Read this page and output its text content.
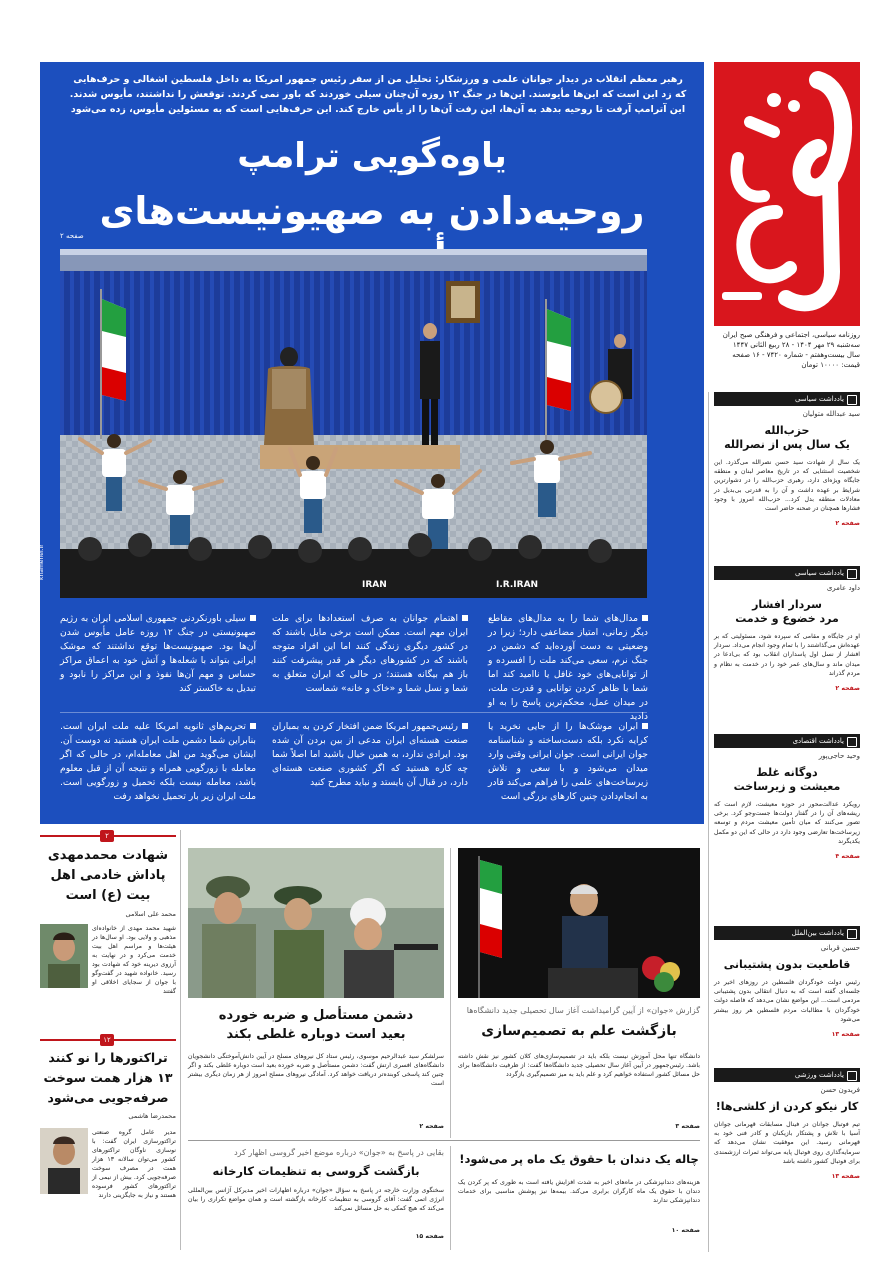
روزنامه سیاسی، اجتماعی و فرهنگی صبح ایران
سه‌شنبه ۲۹ مهر ۱۴۰۴ - ۲۸ ربیع الثانی ۱۴۴۷
سال بیست‌وهفتم - شماره ۷۴۲۰ - ۱۶ صفحه
قیمت: ۱۰۰۰۰ تومان
یادداشت سیاسی
سید عبدالله متولیان
حزب‌الله
یک سال پس از نصرالله
یک سال از شهادت سید حسن نصرالله می‌گذرد. این شخصیت استثنایی که در تاریخ معاصر لبنان و منطقه جایگاه ویژه‌ای دارد، رهبری حزب‌الله را در دشوارترین شرایط بر عهده داشت و آن را به قدرتی بی‌بدیل در معادلات منطقه بدل کرد... حزب‌الله امروز با وجود فشارها همچنان در صحنه حاضر است
صفحه ۲
یادداشت سیاسی
داود عامری
سردار افشار
مرد خضوع و خدمت
او در جایگاه و مقامی که سپرده شود، مسئولیتی که بر عهده‌اش می‌گذاشتند را با تمام وجود انجام می‌داد. سردار افشار از نسل اول پاسداران انقلاب بود که بی‌ادعا در میدان ماند و سال‌های عمر خود را در خدمت به نظام و مردم گذراند
صفحه ۲
یادداشت اقتصادی
وحید حاجی‌پور
دوگانه غلط
معیشت و زیرساخت
رویکرد عدالت‌محور در حوزه معیشت، لازم است که ریشه‌های آن را در گفتار دولت‌ها جست‌وجو کرد. برخی تصور می‌کنند که میان تأمین معیشت مردم و توسعه زیرساخت‌ها تعارضی وجود دارد در حالی که این دو مکمل یکدیگرند
صفحه ۴
یادداشت بین‌الملل
حسین قربانی
قاطعیت بدون پشتیبانی
رئیس دولت خودگردان فلسطین در روزهای اخیر در جلسه‌ای گفته است که به دنبال انتقالی بدون پشتیبانی مردمی است... این مواضع نشان می‌دهد که فاصله دولت خودگردان با مطالبات مردم فلسطین هر روز بیشتر می‌شود
صفحه ۱۳
یادداشت ورزشی
فریدون حسن
کار نیکو کردن از کلشی‌ها!
تیم فوتبال جوانان در فینال مسابقات قهرمانی جوانان آسیا با تلاش و پشتکار بازیکنان و کادر فنی خود به قهرمانی رسید. این موفقیت نشان می‌دهد که سرمایه‌گذاری روی فوتبال پایه می‌تواند ثمرات ارزشمندی برای فوتبال کشور داشته باشد
صفحه ۱۳
رهبر معظم انقلاب در دیدار جوانان علمی و ورزشکار: تحلیل من از سفر رئیس جمهور امریکا به داخل فلسطین اشغالی و حرف‌هایی که زد این است که این‌ها مأیوسند. این‌ها در جنگ ۱۲ روزه آن‌چنان سیلی خوردند که باور نمی کردند. توقعش را نداشتند، مأیوس شدند. این آترامپ آرفت تا روحیه بدهد به آن‌ها، این رفت آن‌ها را از یأس خارج کند. این حرف‌هایی است که به مسئولین مأیوس، زده می‌شود
یاوه‌گویی ترامپ
روحیه‌دادن به صهیونیست‌های
صفحه ۲
IRAN	I.R.IRAN
khamenei.ir
مدال‌های شما را به مدال‌های مقاطع دیگر زمانی، امتیاز مضاعفی دارد؛ زیرا در وضعیتی به دست آورده‌اید که دشمن در جنگ نرم، سعی می‌کند ملت را افسرده و از توانایی‌های خود غافل یا ناامید کند اما شما با ظاهر کردن توانایی و قدرت ملت، در میدان عمل، محکم‌ترین پاسخ را به او دادید
اهتمام جوانان به صرف استعدادها برای ملت ایران مهم است. ممکن است برخی مایل باشند که در کشور دیگری زندگی کنند اما این افراد متوجه باشند که در کشورهای دیگر هر قدر پیشرفت کنند باز هم بیگانه هستند؛ در حالی که ایران متعلق به شما و نسل شما و «خاک و خانه» شماست
سیلی باورنکردنی جمهوری اسلامی ایران به رژیم صهیونیستی در جنگ ۱۲ روزه عامل مأیوس شدن آن‌ها بود. صهیونیست‌ها توقع نداشتند که موشک ایرانی بتواند با شعله‌ها و آتش خود به اعماق مراکز حساس و مهم آن‌ها نفوذ و این مراکز را نابود و تبدیل به خاکستر کند
ایران موشک‌ها را از جایی نخرید یا کرایه نکرد بلکه دست‌ساخته و شناسنامه جوان ایرانی است. جوان ایرانی وقتی وارد میدان می‌شود و با سعی و تلاش زیرساخت‌های علمی را فراهم می‌کند قادر به انجام‌دادن چنین کارهای بزرگی است
رئیس‌جمهور امریکا ضمن افتخار کردن به بمباران صنعت هسته‌ای ایران مدعی از بین بردن آن شده بود. ایرادی ندارد، به همین خیال باشید اما اصلاً شما چه کاره هستید که اگر کشوری صنعت هسته‌ای دارد، در قبال آن بایستد و نباید مطرح کنید
تحریم‌های ثانویه امریکا علیه ملت ایران است. بنابراین شما دشمن ملت ایران هستید نه دوست آن. ایشان می‌گوید من اهل معامله‌ام، در حالی که اگر معامله با زورگویی همراه و نتیجه آن از قبل معلوم باشد، معامله نیست بلکه تحمیل و زورگویی است. ملت ایران زیر بار تحمیل نخواهد رفت
۲
شهادت محمدمهدی پاداش خادمی اهل بیت (ع) است
محمد علی اسلامی
شهید محمد مهدی از خانواده‌ای مذهبی و ولایی بود. او سال‌ها در هیئت‌ها و مراسم اهل بیت خدمت می‌کرد و در نهایت به آرزوی دیرینه خود که شهادت بود رسید. خانواده شهید در گفت‌وگو با جوان از سجایای اخلاقی او گفتند
۱۲
تراکتورها را نو کنند ۱۳ هزار همت سوخت صرفه‌جویی می‌شود
محمدرضا هاشمی
مدیر عامل گروه صنعتی تراکتورسازی ایران گفت: با نوسازی ناوگان تراکتورهای کشور می‌توان سالانه ۱۳ هزار همت در مصرف سوخت صرفه‌جویی کرد. بیش از نیمی از تراکتورهای کشور فرسوده هستند و نیاز به جایگزینی دارند
دشمن مستأصل و ضربه خورده
بعید است دوباره غلطی بکند
سرلشکر سید عبدالرحیم موسوی، رئیس ستاد کل نیروهای مسلح در آیین دانش‌آموختگی دانشجویان دانشگاه‌های افسری ارتش گفت: دشمن مستأصل و ضربه خورده بعید است دوباره غلطی بکند و اگر چنین کند پاسخی کوبنده‌تر دریافت خواهد کرد. آمادگی نیروهای مسلح امروز از هر زمان دیگری بیشتر است
صفحه ۲
گزارش «جوان» از آیین گرامیداشت آغاز سال تحصیلی جدید دانشگاه‌ها
بازگشت علم به تصمیم‌سازی
دانشگاه تنها محل آموزش نیست بلکه باید در تصمیم‌سازی‌های کلان کشور نیز نقش داشته باشد. رئیس‌جمهور در آیین آغاز سال تحصیلی جدید دانشگاه‌ها گفت: از ظرفیت دانشگاه‌ها برای حل مسائل کشور استفاده خواهیم کرد و علم باید به میز تصمیم‌گیری بازگردد
صفحه ۳
چاله یک دندان با حقوق یک ماه پر می‌شود!
هزینه‌های دندانپزشکی در ماه‌های اخیر به شدت افزایش یافته است به طوری که پر کردن یک دندان با حقوق یک ماه کارگران برابری می‌کند. بیمه‌ها نیز پوشش مناسبی برای خدمات دندانپزشکی ندارند
صفحه ۱۰
بقایی در پاسخ به «جوان» درباره موضع اخیر گروسی اظهار کرد
بازگشت گروسی به تنظیمات کارخانه
سخنگوی وزارت خارجه در پاسخ به سؤال «جوان» درباره اظهارات اخیر مدیرکل آژانس بین‌المللی انرژی اتمی گفت: آقای گروسی به تنظیمات کارخانه بازگشته است و همان مواضع تکراری را بیان می‌کند که هیچ کمکی به حل مسائل نمی‌کند
صفحه ۱۵
